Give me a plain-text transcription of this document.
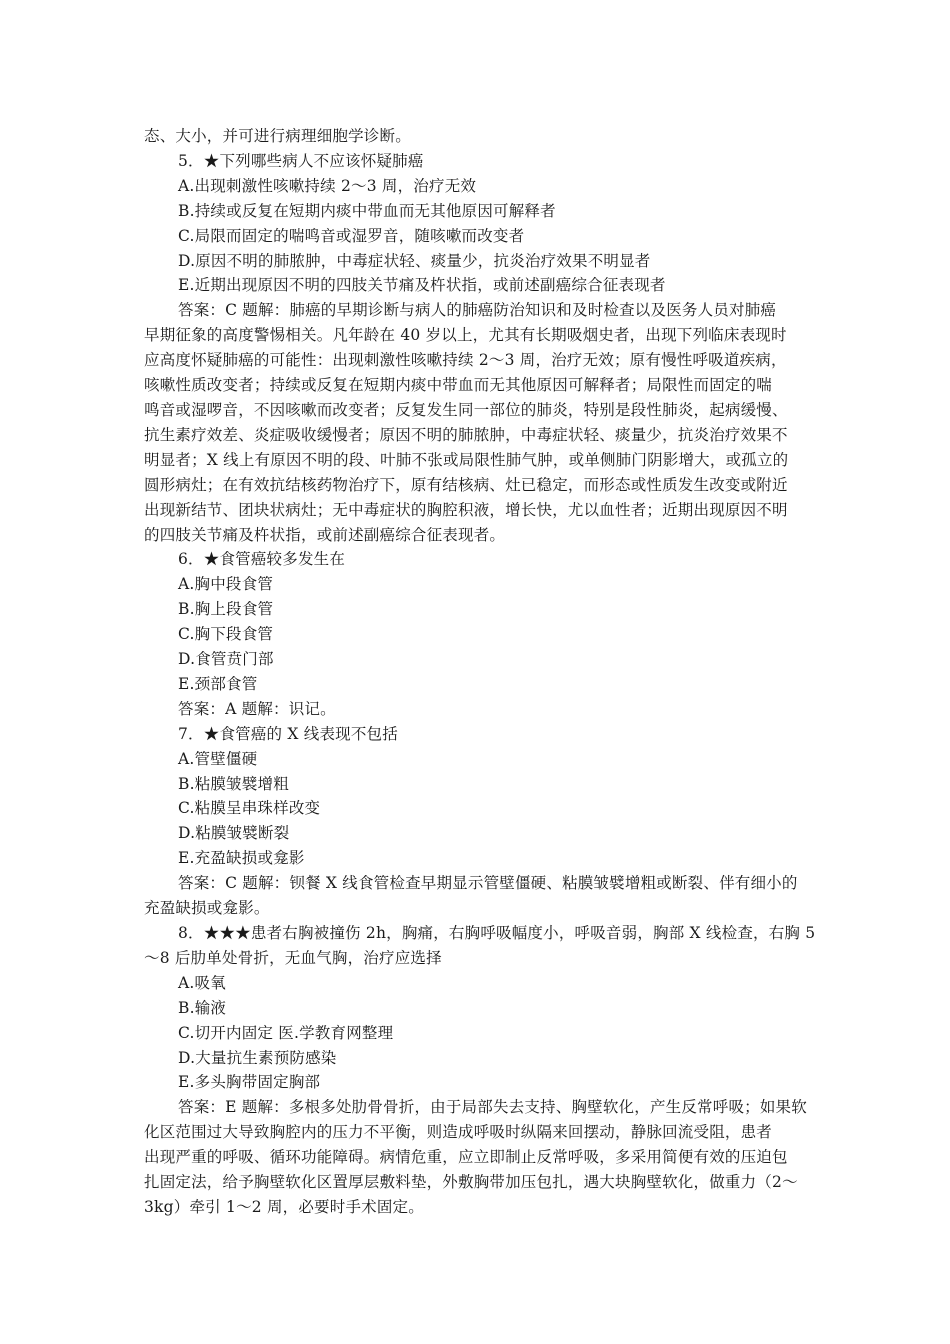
态、大小，并可进行病理细胞学诊断。
5．★下列哪些病人不应该怀疑肺癌
A.出现刺激性咳嗽持续 2～3 周，治疗无效
B.持续或反复在短期内痰中带血而无其他原因可解释者
C.局限而固定的喘鸣音或湿罗音，随咳嗽而改变者
D.原因不明的肺脓肿，中毒症状轻、痰量少，抗炎治疗效果不明显者
E.近期出现原因不明的四肢关节痛及杵状指，或前述副癌综合征表现者
答案：C 题解：肺癌的早期诊断与病人的肺癌防治知识和及时检查以及医务人员对肺癌
早期征象的高度警惕相关。凡年龄在 40 岁以上，尤其有长期吸烟史者，出现下列临床表现时
应高度怀疑肺癌的可能性：出现刺激性咳嗽持续 2～3 周，治疗无效；原有慢性呼吸道疾病，
咳嗽性质改变者；持续或反复在短期内痰中带血而无其他原因可解释者；局限性而固定的喘
鸣音或湿啰音，不因咳嗽而改变者；反复发生同一部位的肺炎，特别是段性肺炎，起病缓慢、
抗生素疗效差、炎症吸收缓慢者；原因不明的肺脓肿，中毒症状轻、痰量少，抗炎治疗效果不
明显者；X 线上有原因不明的段、叶肺不张或局限性肺气肿，或单侧肺门阴影增大，或孤立的
圆形病灶；在有效抗结核药物治疗下，原有结核病、灶已稳定，而形态或性质发生改变或附近
出现新结节、团块状病灶；无中毒症状的胸腔积液，增长快，尤以血性者；近期出现原因不明
的四肢关节痛及杵状指，或前述副癌综合征表现者。
6．★食管癌较多发生在
A.胸中段食管
B.胸上段食管
C.胸下段食管
D.食管贲门部
E.颈部食管
答案：A 题解：识记。
7．★食管癌的 X 线表现不包括
A.管壁僵硬
B.粘膜皱襞增粗
C.粘膜呈串珠样改变
D.粘膜皱襞断裂
E.充盈缺损或龛影
答案：C 题解：钡餐 X 线食管检查早期显示管壁僵硬、粘膜皱襞增粗或断裂、伴有细小的
充盈缺损或龛影。
8．★★★患者右胸被撞伤 2h，胸痛，右胸呼吸幅度小，呼吸音弱，胸部 X 线检查，右胸 5
～8 后肋单处骨折，无血气胸，治疗应选择
A.吸氧
B.输液
C.切开内固定 医.学教育网整理
D.大量抗生素预防感染
E.多头胸带固定胸部
答案：E 题解：多根多处肋骨骨折，由于局部失去支持、胸壁软化，产生反常呼吸；如果软
化区范围过大导致胸腔内的压力不平衡，则造成呼吸时纵隔来回摆动，静脉回流受阻，患者
出现严重的呼吸、循环功能障碍。病情危重，应立即制止反常呼吸，多采用简便有效的压迫包
扎固定法，给予胸壁软化区置厚层敷料垫，外敷胸带加压包扎，遇大块胸壁软化，做重力（2～
3kg）牵引 1～2 周，必要时手术固定。
